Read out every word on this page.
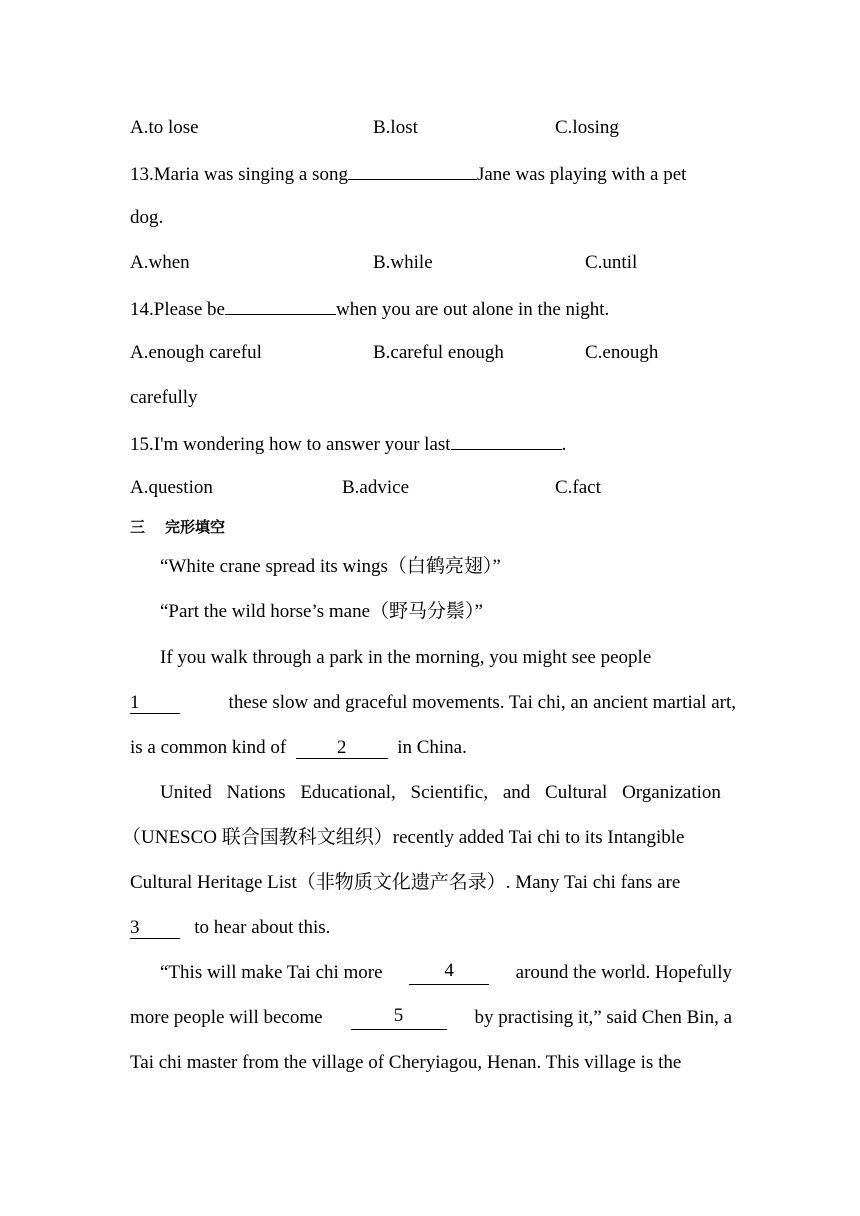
A.to lose	B.lost	C.losing
13.Maria was singing a song	Jane was playing with a pet
dog.
A.when	B.while	C.until
14.Please be	when you are out alone in the night.
A.enough careful	B.careful enough	C.enough
carefully
15.I'm wondering how to answer your last	.
A.question	B.advice	C.fact
三 完形填空
“White crane spread its wings（白鹤亮翅）”
“Part the wild horse’s mane（野马分鬃）”
If you walk through a park in the morning, you might see people
1	these slow and graceful movements. Tai chi, an ancient martial art,
is a common kind of	2	in China.
United Nations Educational, Scientific, and Cultural Organization
（UNESCO 联合国教科文组织）recently added Tai chi to its Intangible
Cultural Heritage List（非物质文化遗产名录）. Many Tai chi fans are
3	to hear about this.
“This will make Tai chi more	4	around the world. Hopefully
more people will become	5	by practising it,” said Chen Bin, a
Tai chi master from the village of Cheryiagou, Henan. This village is the
